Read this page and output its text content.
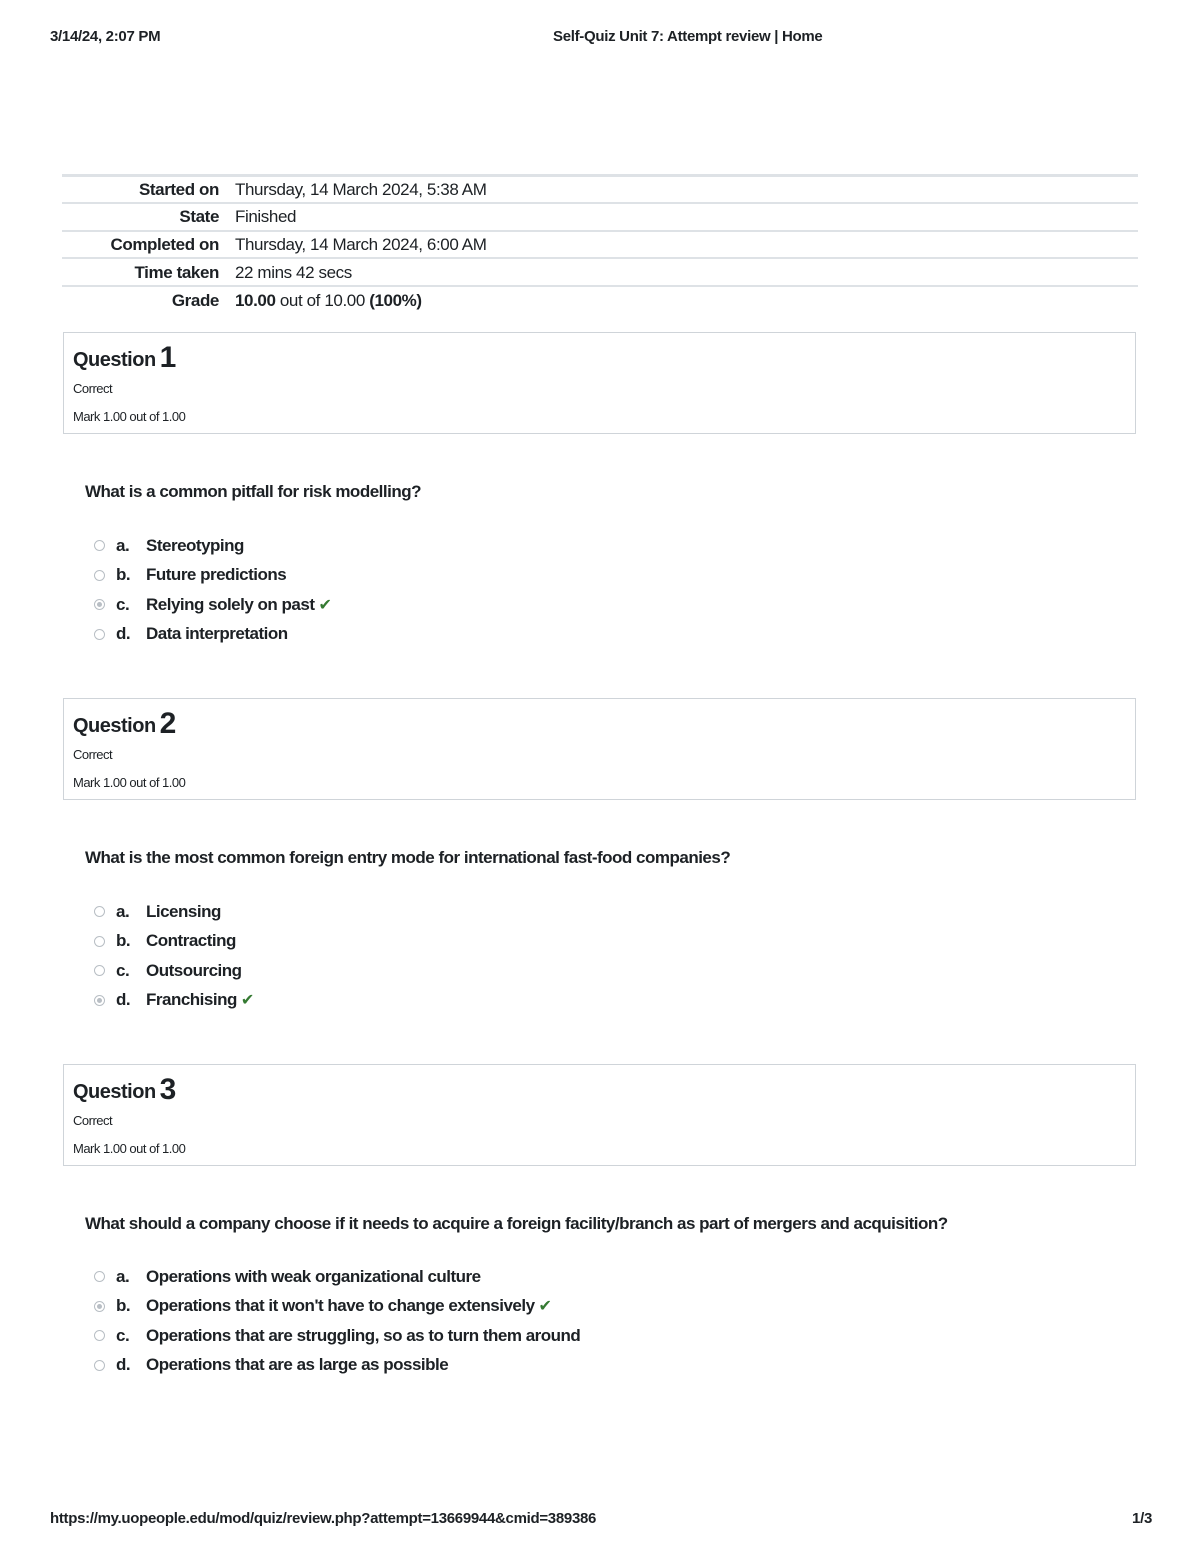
3/14/24, 2:07 PM	Self-Quiz Unit 7: Attempt review | Home
Started on	Thursday, 14 March 2024, 5:38 AM
State	Finished
Completed on	Thursday, 14 March 2024, 6:00 AM
Time taken	22 mins 42 secs
Grade	10.00 out of 10.00 (100%)
Question 1
Correct
Mark 1.00 out of 1.00
What is a common pitfall for risk modelling?
a. Stereotyping
b. Future predictions
c. Relying solely on past ✔
d. Data interpretation
Question 2
Correct
Mark 1.00 out of 1.00
What is the most common foreign entry mode for international fast-food companies?
a. Licensing
b. Contracting
c. Outsourcing
d. Franchising ✔
Question 3
Correct
Mark 1.00 out of 1.00
What should a company choose if it needs to acquire a foreign facility/branch as part of mergers and acquisition?
a. Operations with weak organizational culture
b. Operations that it won't have to change extensively ✔
c. Operations that are struggling, so as to turn them around
d. Operations that are as large as possible
https://my.uopeople.edu/mod/quiz/review.php?attempt=13669944&cmid=389386	1/3
